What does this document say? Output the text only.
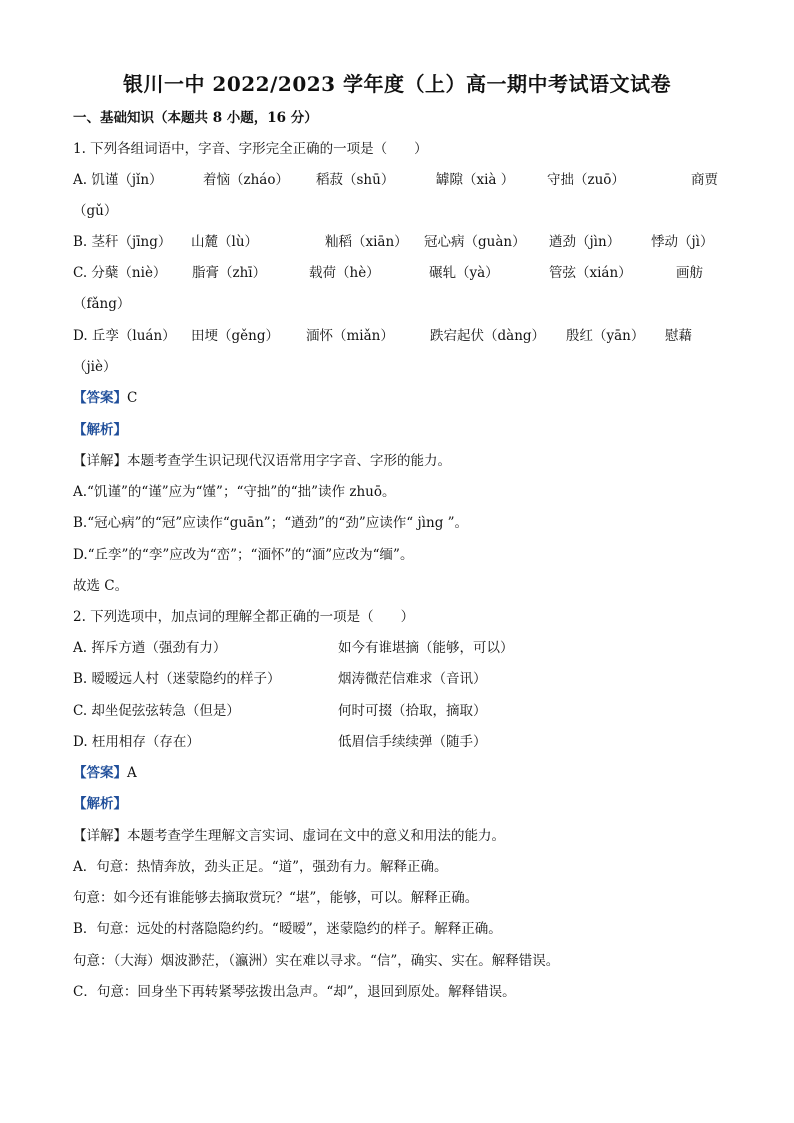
银川一中 2022/2023 学年度（上）高一期中考试语文试卷
一、基础知识（本题共 8 小题，16 分）
1. 下列各组词语中，字音、字形完全正确的一项是（　　）
A. 饥谨（jǐn）	着恼（zháo） 稻菽（shū）	罅隙（xià ） 守拙（zuō）	商贾
（gǔ）
B. 茎秆（jīng） 山麓（lù）	籼稻（xiān） 冠心病（guàn） 遒劲（jìn） 悸动（jì）
C. 分蘖（niè） 脂膏（zhī）	载荷（hè）	碾轧（yà）	管弦（xián）	画舫
（fǎng）
D. 丘孪（luán） 田埂（gěng） 湎怀（miǎn）	跌宕起伏（dàng） 殷红（yān） 慰藉
（jiè）
【答案】C
【解析】
【详解】本题考查学生识记现代汉语常用字字音、字形的能力。
A.“饥谨”的“谨”应为“馑”；“守拙”的“拙”读作 zhuō。
B.“冠心病”的“冠”应读作“guān”；“遒劲”的“劲”应读作“ jìng ”。
D.“丘孪”的“孪”应改为“峦”；“湎怀”的“湎”应改为“缅”。
故选 C。
2. 下列选项中，加点词的理解全都正确的一项是（　　）
A. 挥斥方遒（强劲有力）	如今有谁堪摘（能够，可以）
B. 暧暧远人村（迷蒙隐约的样子）	烟涛微茫信难求（音讯）
C. 却坐促弦弦转急（但是）	何时可掇（拾取，摘取）
D. 枉用相存（存在）	低眉信手续续弹（随手）
【答案】A
【解析】
【详解】本题考查学生理解文言实词、虚词在文中的意义和用法的能力。
A．句意：热情奔放，劲头正足。“道”，强劲有力。解释正确。
句意：如今还有谁能够去摘取赏玩？“堪”，能够，可以。解释正确。
B．句意：远处的村落隐隐约约。“暧暧”，迷蒙隐约的样子。解释正确。
句意：（大海）烟波渺茫，（瀛洲）实在难以寻求。“信”，确实、实在。解释错误。
C．句意：回身坐下再转紧琴弦拨出急声。“却”，退回到原处。解释错误。
